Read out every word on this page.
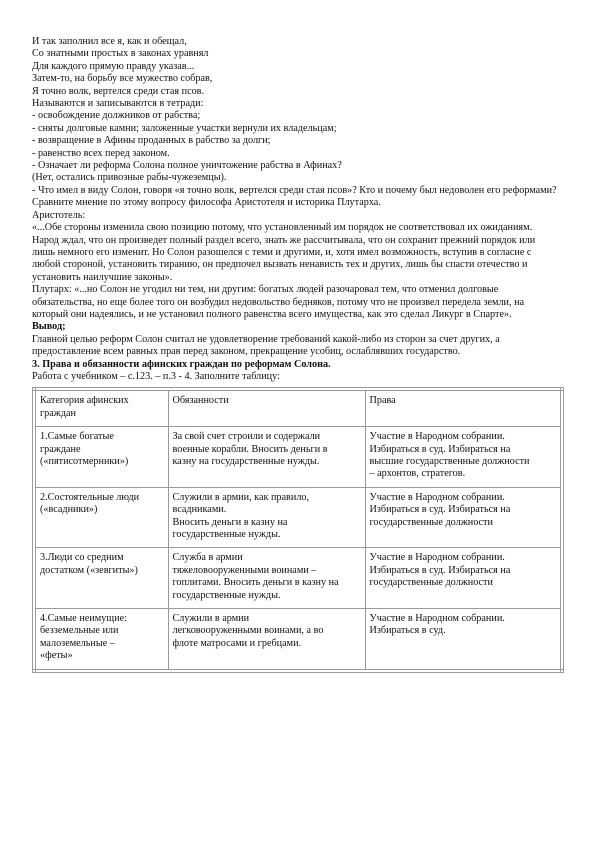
И так заполнил все я, как и обещал,

Со знатными простых в законах уравнял

Для каждого прямую правду указав...

Затем-то, на борьбу все мужество собрав,

Я точно волк, вертелся среди стая псов.

Называются и записываются в тетради:

- освобождение должников от рабства;

- сняты долговые камни; заложенные участки вернули их владельцам;

- возвращение в Афины проданных в рабство за долги;

- равенство всех перед законом.

- Означает ли реформа Солона полное уничтожение рабства в Афинах?

(Нет, остались привозные рабы-чужеземцы).

- Что имел в виду Солон, говоря «я точно волк, вертелся среди стая псов»? Кто и почему был недоволен его реформами?

Сравните мнение по этому вопросу философа Аристотеля и историка Плутарха.

Аристотель:

«...Обе стороны изменила свою позицию потому, что установленный им порядок не соответствовал их ожиданиям. Народ ждал, что он произведет полный раздел всего, знать же рассчитывала, что он сохранит прежний порядок или лишь немного его изменит. Но Солон разошелся с теми и другими, и, хотя имел возможность, вступив в согласие с любой стороной, установить тиранию, он предпочел вызвать ненависть тех и других, лишь бы спасти отечество и установить наилучшие законы».

Плутарх: «...но Солон не угодил ни тем, ни другим: богатых людей разочаровал тем, что отменил долговые обязательства, но еще более того он возбудил недовольство бедняков, потому что не произвел передела земли, на который они надеялись, и не установил полного равенства всего имущества, как это сделал Ликург в Спарте».

Вывод;

Главной целью реформ Солон считал не удовлетворение требований какой-либо из сторон за счет других, а предоставление всем равных прав перед законом, прекращение усобиц, ослаблявших государство.

3. Права и обязанности афинских граждан по реформам Солона.

Работа с учебником – с.123. – п.3 - 4. Заполните таблицу:

Категория афинских граждан	Обязанности	Права

1.Самые богатые
граждане
(«пятисотмерники»)	За свой счет строили и содержали
военные корабли. Вносить деньги в
казну на государственные нужды.	Участие в Народном собрании.
Избираться в суд. Избираться на
высшие государственные должности
– архонтов, стратегов.

2.Состоятельные люди
(«всадники»)	Служили в армии, как правило,
всадниками.
Вносить деньги в казну на
государственные нужды.	Участие в Народном собрании.
Избираться в суд. Избираться на
государственные должности

3.Люди со средним
достатком («зевгиты»)	Служба в армии
тяжеловооруженными воинами –
гоплитами. Вносить деньги в казну на
государственные нужды.	Участие в Народном собрании.
Избираться в суд. Избираться на
государственные должности

4.Самые неимущие:
безземельные или
малоземельные –
«феты»	Служили в армии
легковооруженными воинами, а во
флоте матросами и гребцами.	Участие в Народном собрании.
Избираться в суд.
